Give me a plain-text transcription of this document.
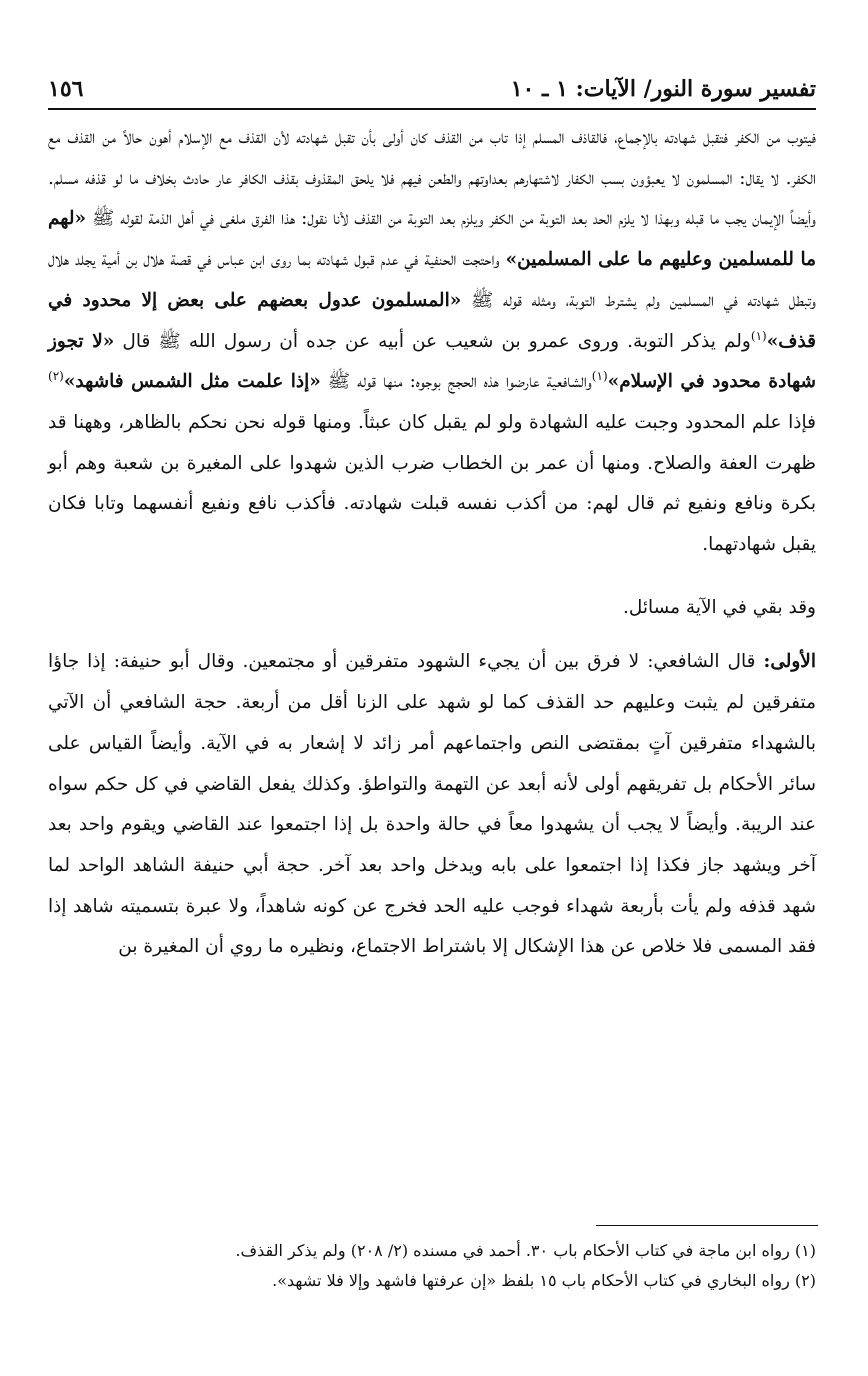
تفسير سورة النور/ الآيات: ١ ـ ١٠
١٥٦

فيتوب من الكفر فتقبل شهادته بالإجماع، فالقاذف المسلم إذا تاب من القذف كان أولى بأن تقبل شهادته لأن القذف مع الإسلام أهون حالاً من القذف مع الكفر. لا يقال: المسلمون لا يعبؤون بسب الكفار لاشتهارهم بعداوتهم والطعن فيهم فلا يلحق المقذوف بقذف الكافر عار حادث بخلاف ما لو قذفه مسلم. وأيضاً الإيمان يجب ما قبله وبهذا لا يلزم الحد بعد التوبة من الكفر ويلزم بعد التوبة من القذف لأنا نقول: هذا الفرق ملغى في أهل الذمة لقوله ﷺ «لهم ما للمسلمين وعليهم ما على المسلمين» واحتجت الحنفية في عدم قبول شهادته بما روى ابن عباس في قصة هلال بن أمية يجلد هلال وتبطل شهادته في المسلمين ولم يشترط التوبة، ومثله قوله ﷺ «المسلمون عدول بعضهم على بعض إلا محدود في قذف»$^{(١)}$ولم يذكر التوبة. وروى عمرو بن شعيب عن أبيه عن جده أن رسول الله ﷺ قال «لا تجوز شهادة محدود في الإسلام»$^{(١)}$والشافعية عارضوا هذه الحجج بوجوه: منها قوله ﷺ «إذا علمت مثل الشمس فاشهد»$^{(٢)}$ فإذا علم المحدود وجبت عليه الشهادة ولو لم يقبل كان عبثاً. ومنها قوله نحن نحكم بالظاهر، وههنا قد ظهرت العفة والصلاح. ومنها أن عمر بن الخطاب ضرب الذين شهدوا على المغيرة بن شعبة وهم أبو بكرة ونافع ونفيع ثم قال لهم: من أكذب نفسه قبلت شهادته. فأكذب نافع ونفيع أنفسهما وتابا فكان يقبل شهادتهما.

وقد بقي في الآية مسائل.

الأولى: قال الشافعي: لا فرق بين أن يجيء الشهود متفرقين أو مجتمعين. وقال أبو حنيفة: إذا جاؤا متفرقين لم يثبت وعليهم حد القذف كما لو شهد على الزنا أقل من أربعة. حجة الشافعي أن الآتي بالشهداء متفرقين آتٍ بمقتضى النص واجتماعهم أمر زائد لا إشعار به في الآية. وأيضاً القياس على سائر الأحكام بل تفريقهم أولى لأنه أبعد عن التهمة والتواطؤ. وكذلك يفعل القاضي في كل حكم سواه عند الريبة. وأيضاً لا يجب أن يشهدوا معاً في حالة واحدة بل إذا اجتمعوا عند القاضي ويقوم واحد بعد آخر ويشهد جاز فكذا إذا اجتمعوا على بابه ويدخل واحد بعد آخر. حجة أبي حنيفة الشاهد الواحد لما شهد قذفه ولم يأت بأربعة شهداء فوجب عليه الحد فخرج عن كونه شاهداً، ولا عبرة بتسميته شاهد إذا فقد المسمى فلا خلاص عن هذا الإشكال إلا باشتراط الاجتماع، ونظيره ما روي أن المغيرة بن

(١) رواه ابن ماجة في كتاب الأحكام باب ٣٠. أحمد في مسنده (٢/ ٢٠٨) ولم يذكر القذف.

(٢) رواه البخاري في كتاب الأحكام باب ١٥ بلفظ «إن عرفتها فاشهد وإلا فلا تشهد».
